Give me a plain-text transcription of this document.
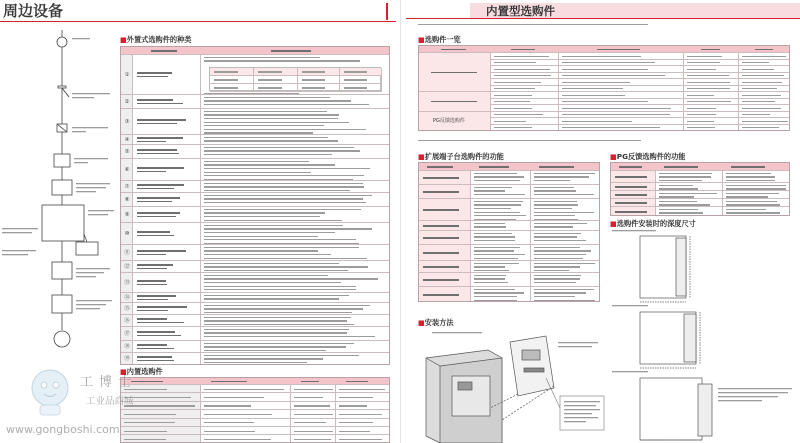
周边设备
■外置式选购件的种类
①
②
③
④
⑤
⑥
⑦
⑧
⑨
⑩
⑪
⑫
⑬
⑭
⑮
⑯
⑰
⑱
⑲
■内置选购件
工博士
工业品商城
www.gongboshi.com
内置型选购件
■选购件一览
PG反馈选购件
■扩展端子台选购件的功能	■PG反馈选购件的功能
■选购件安装时的深度尺寸
■安装方法
